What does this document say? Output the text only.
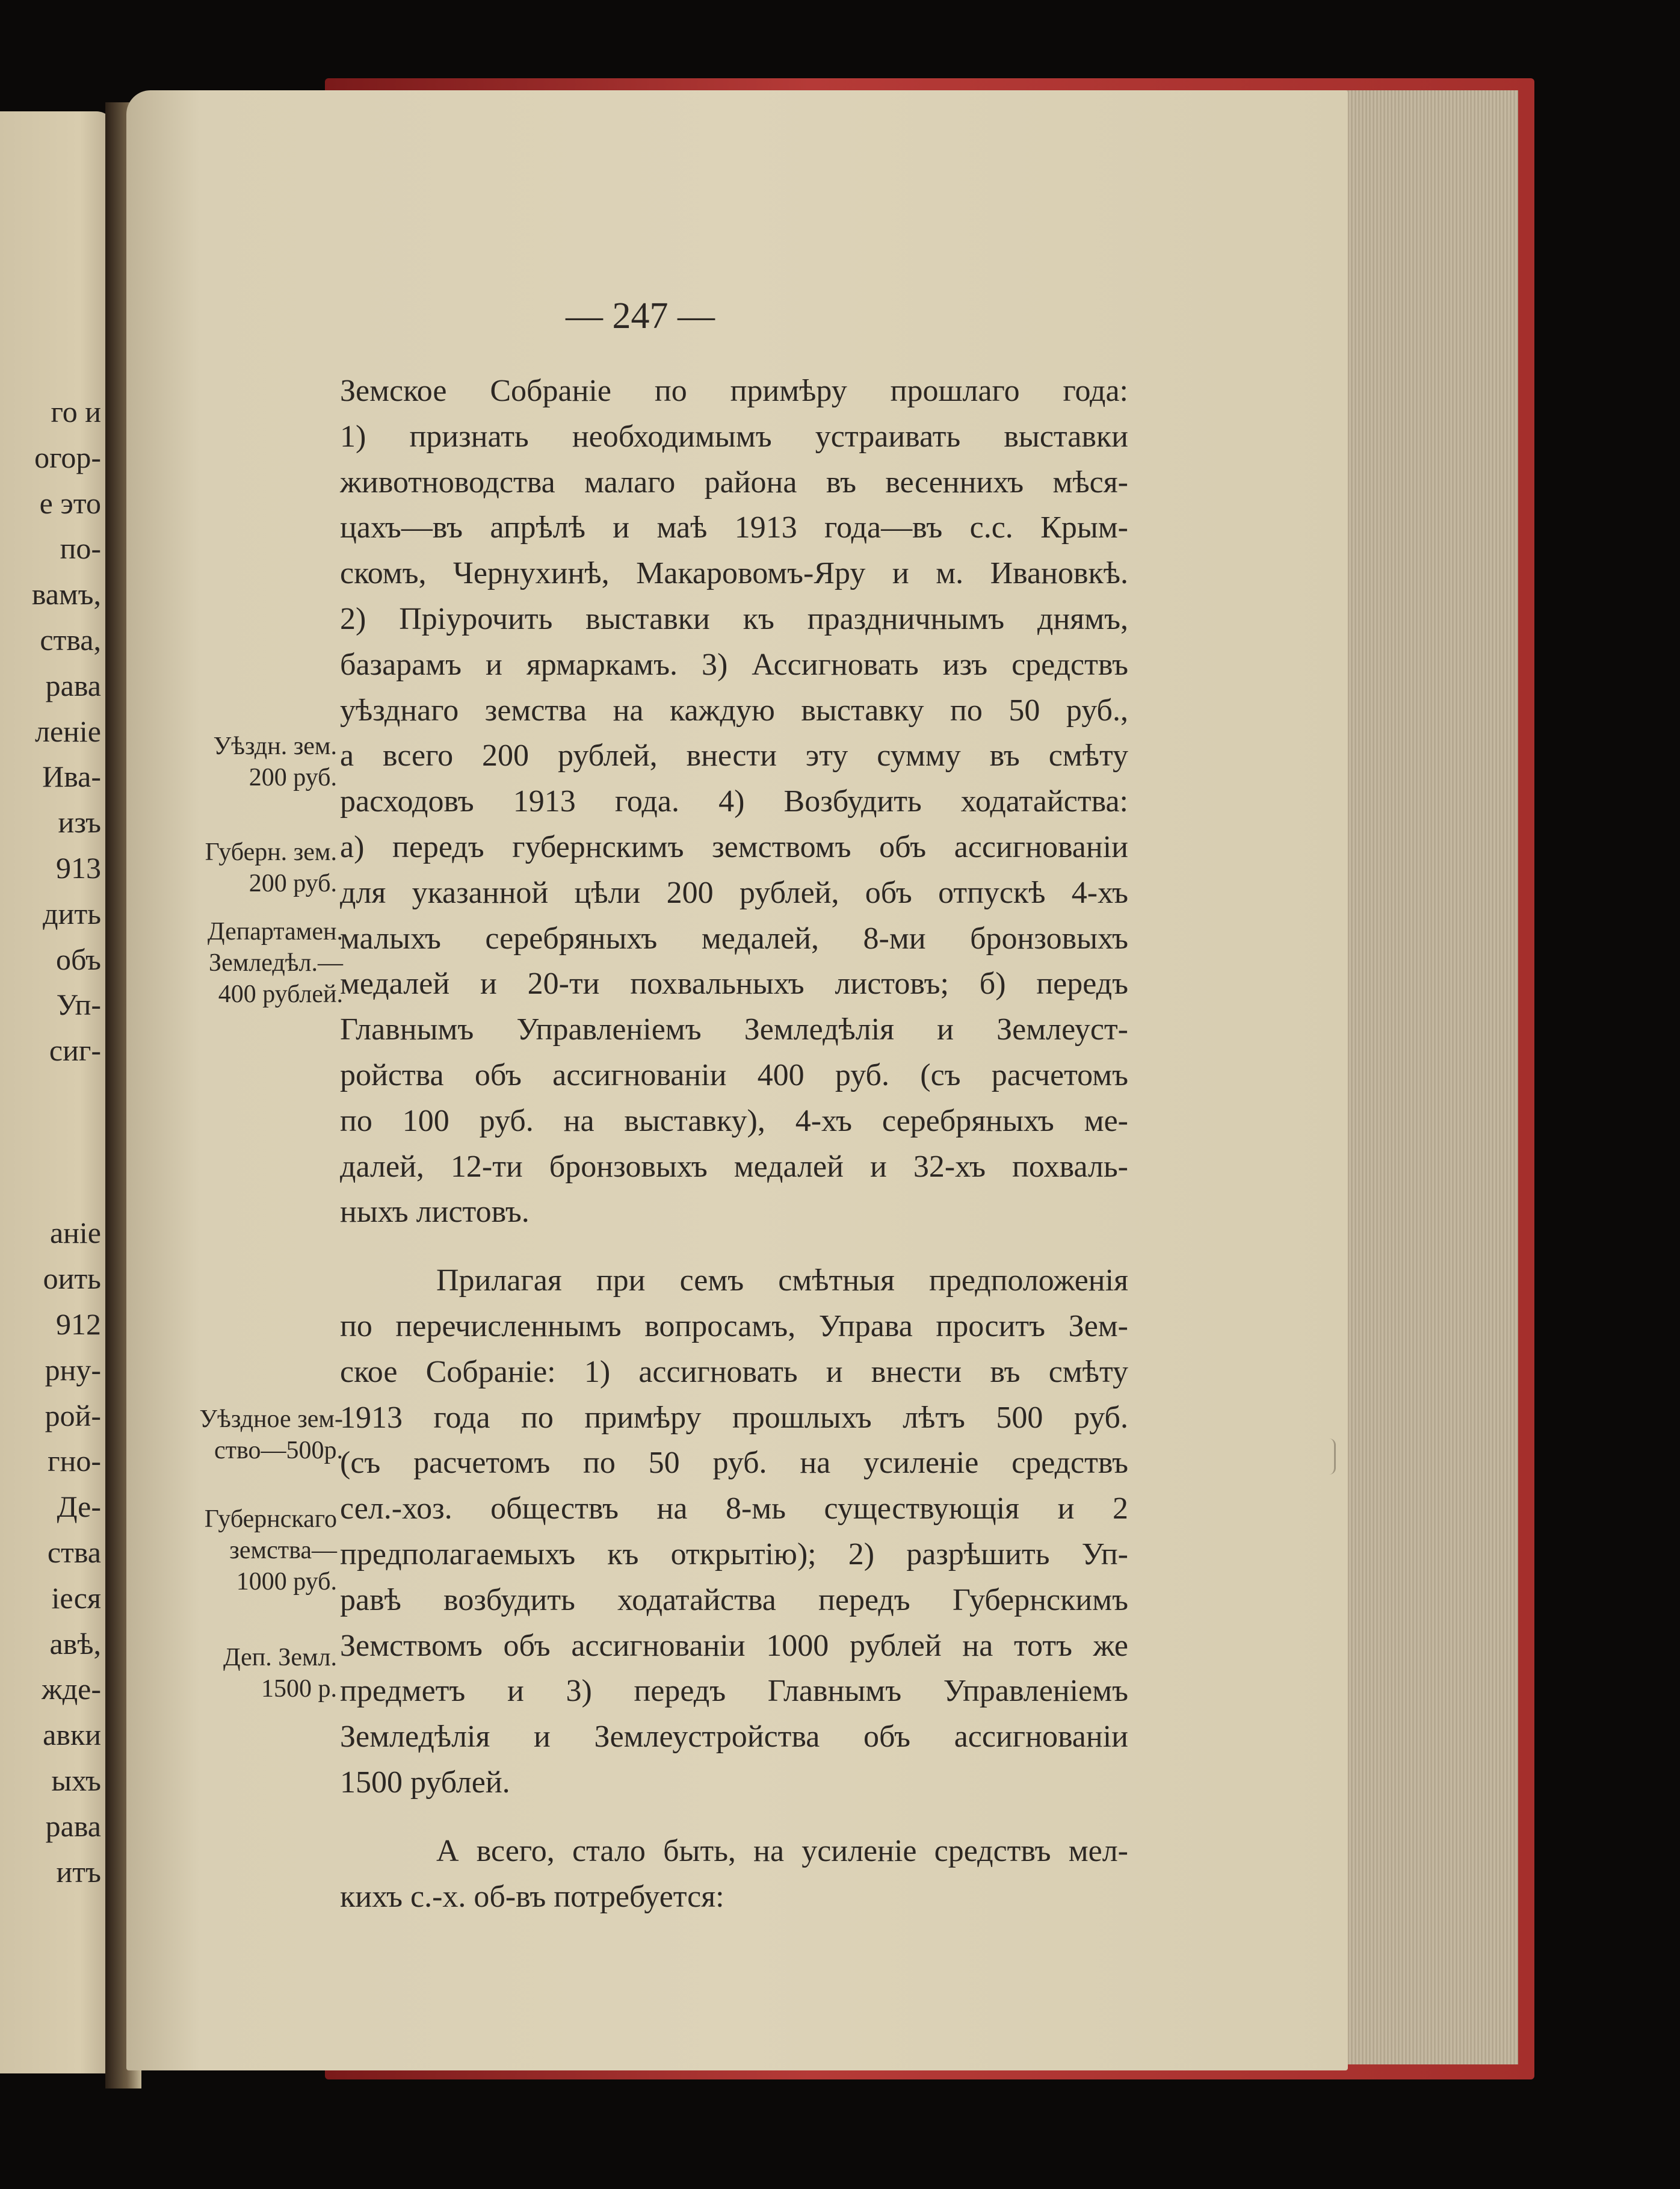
го и
огор-
е это
по-
вамъ,
ства,
рава
леніе
Ива-
изъ
913
дить
объ
Уп-
сиг-
аніе
оить
912
рну-
рой-
гно-
Де-
ства
іеся
авѣ,
жде-
авки
ыхъ
рава
итъ
— 247 —
Земское Собраніе по примѣру прошлаго года:
1) признать необходимымъ устраивать выставки
животноводства малаго района въ весеннихъ мѣся-
цахъ—въ апрѣлѣ и маѣ 1913 года—въ с.с. Крым-
скомъ, Чернухинѣ, Макаровомъ-Яру и м. Ивановкѣ.
2) Пріурочить выставки къ праздничнымъ днямъ,
базарамъ и ярмаркамъ. 3) Ассигновать изъ средствъ
уѣзднаго земства на каждую выставку по 50 руб.,
а всего 200 рублей, внести эту сумму въ смѣту
расходовъ 1913 года. 4) Возбудить ходатайства:
а) передъ губернскимъ земствомъ объ ассигнованіи
для указанной цѣли 200 рублей, объ отпускѣ 4-хъ
малыхъ серебряныхъ медалей, 8-ми бронзовыхъ
медалей и 20-ти похвальныхъ листовъ; б) передъ
Главнымъ Управленіемъ Земледѣлія и Землеуст-
ройства объ ассигнованіи 400 руб. (съ расчетомъ
по 100 руб. на выставку), 4-хъ серебряныхъ ме-
далей, 12-ти бронзовыхъ медалей и 32-хъ похваль-
ныхъ листовъ.
Прилагая при семъ смѣтныя предположенія
по перечисленнымъ вопросамъ, Управа проситъ Зем-
ское Собраніе: 1) ассигновать и внести въ смѣту
1913 года по примѣру прошлыхъ лѣтъ 500 руб.
(съ расчетомъ по 50 руб. на усиленіе средствъ
сел.-хоз. обществъ на 8-мь существующія и 2
предполагаемыхъ къ открытію); 2) разрѣшить Уп-
равѣ возбудить ходатайства передъ Губернскимъ
Земствомъ объ ассигнованіи 1000 рублей на тотъ же
предметъ и 3) передъ Главнымъ Управленіемъ
Земледѣлія и Землеустройства объ ассигнованіи
1500 рублей.
А всего, стало быть, на усиленіе средствъ мел-
кихъ с.-х. об-въ потребуется:
Уѣздн. зем.
200 руб.
Губерн. зем.
200 руб.
Департамен.
Земледѣл.—
400 рублей.
Уѣздное зем-
ство—500р.
Губернскаго
земства—
1000 руб.
Деп. Земл.
1500 р.
